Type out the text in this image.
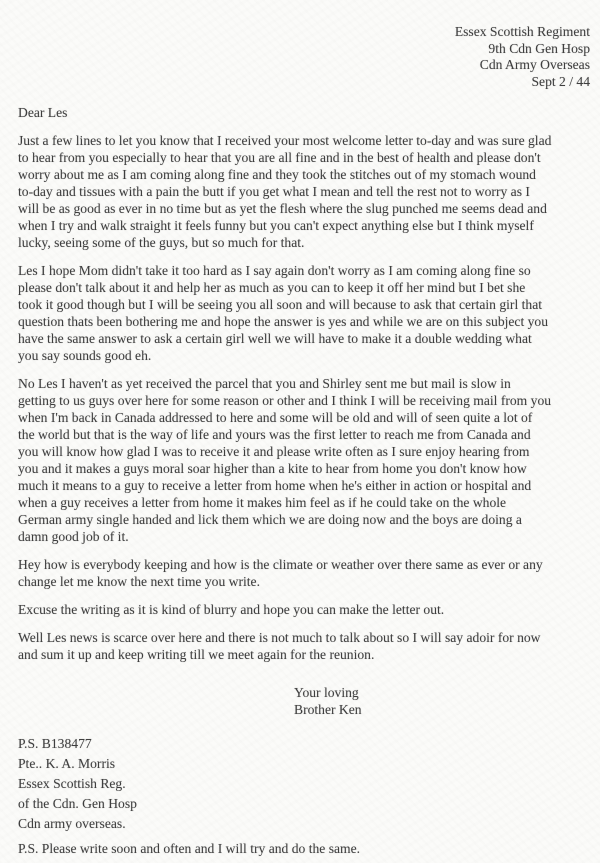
Essex Scottish Regiment
9th Cdn Gen Hosp
Cdn Army Overseas
Sept 2 / 44
Dear Les
Just a few lines to let you know that I received your most welcome letter to-day and was sure glad
to hear from you especially to hear that you are all fine and in the best of health and please don't
worry about me as I am coming along fine and they took the stitches out of my stomach wound
to-day and tissues with a pain the butt if you get what I mean and tell the rest not to worry as I
will be as good as ever in no time but as yet the flesh where the slug punched me seems dead and
when I try and walk straight it feels funny but you can't expect anything else but I think myself
lucky, seeing some of the guys, but so much for that.
Les I hope Mom didn't take it too hard as I say again don't worry as I am coming along fine so
please don't talk about it and help her as much as you can to keep it off her mind but I bet she
took it good though but I will be seeing you all soon and will because to ask that certain girl that
question thats been bothering me and hope the answer is yes and while we are on this subject you
have the same answer to ask a certain girl well we will have to make it a double wedding what
you say sounds good eh.
No Les I haven't as yet received the parcel that you and Shirley sent me but mail is slow in
getting to us guys over here for some reason or other and I think I will be receiving mail from you
when I'm back in Canada addressed to here and some will be old and will of seen quite a lot of
the world but that is the way of life and yours was the first letter to reach me from Canada and
you will know how glad I was to receive it and please write often as I sure enjoy hearing from
you and it makes a guys moral soar higher than a kite to hear from home you don't know how
much it means to a guy to receive a letter from home when he's either in action or hospital and
when a guy receives a letter from home it makes him feel as if he could take on the whole
German army single handed and lick them which we are doing now and the boys are doing a
damn good job of it.
Hey how is everybody keeping and how is the climate or weather over there same as ever or any
change let me know the next time you write.
Excuse the writing as it is kind of blurry and hope you can make the letter out.
Well Les news is scarce over here and there is not much to talk about so I will say adoir for now
and sum it up and keep writing till we meet again for the reunion.
Your loving
Brother Ken
P.S. B138477
Pte.. K. A. Morris
Essex Scottish Reg.
of the Cdn. Gen Hosp
Cdn army overseas.
P.S. Please write soon and often and I will try and do the same.
